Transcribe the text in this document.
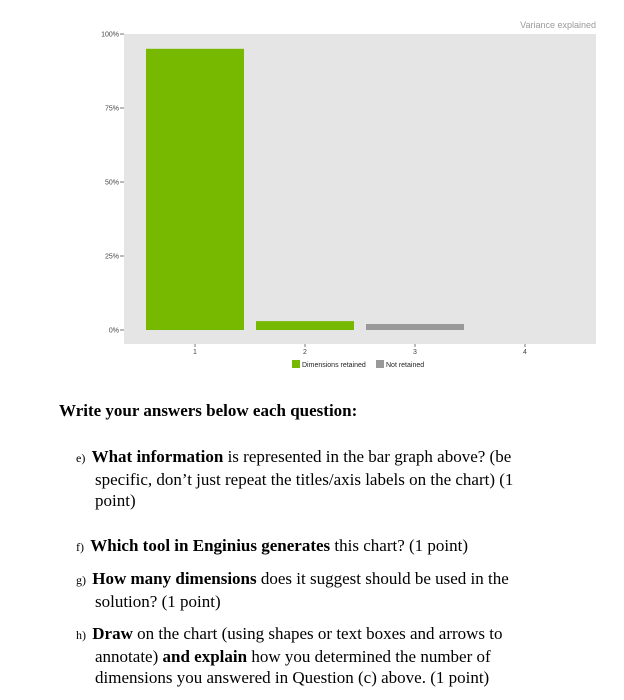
Variance explained
0%
25%
50%
75%
100%
1	2	3	4
Dimensions retained	Not retained
Write your answers below each question:
e) What information is represented in the bar graph above? (be specific, don’t just repeat the titles/axis labels on the chart) (1 point)
f) Which tool in Enginius generates this chart? (1 point)
g) How many dimensions does it suggest should be used in the solution? (1 point)
h) Draw on the chart (using shapes or text boxes and arrows to annotate) and explain how you determined the number of dimensions you answered in Question (c) above. (1 point)
